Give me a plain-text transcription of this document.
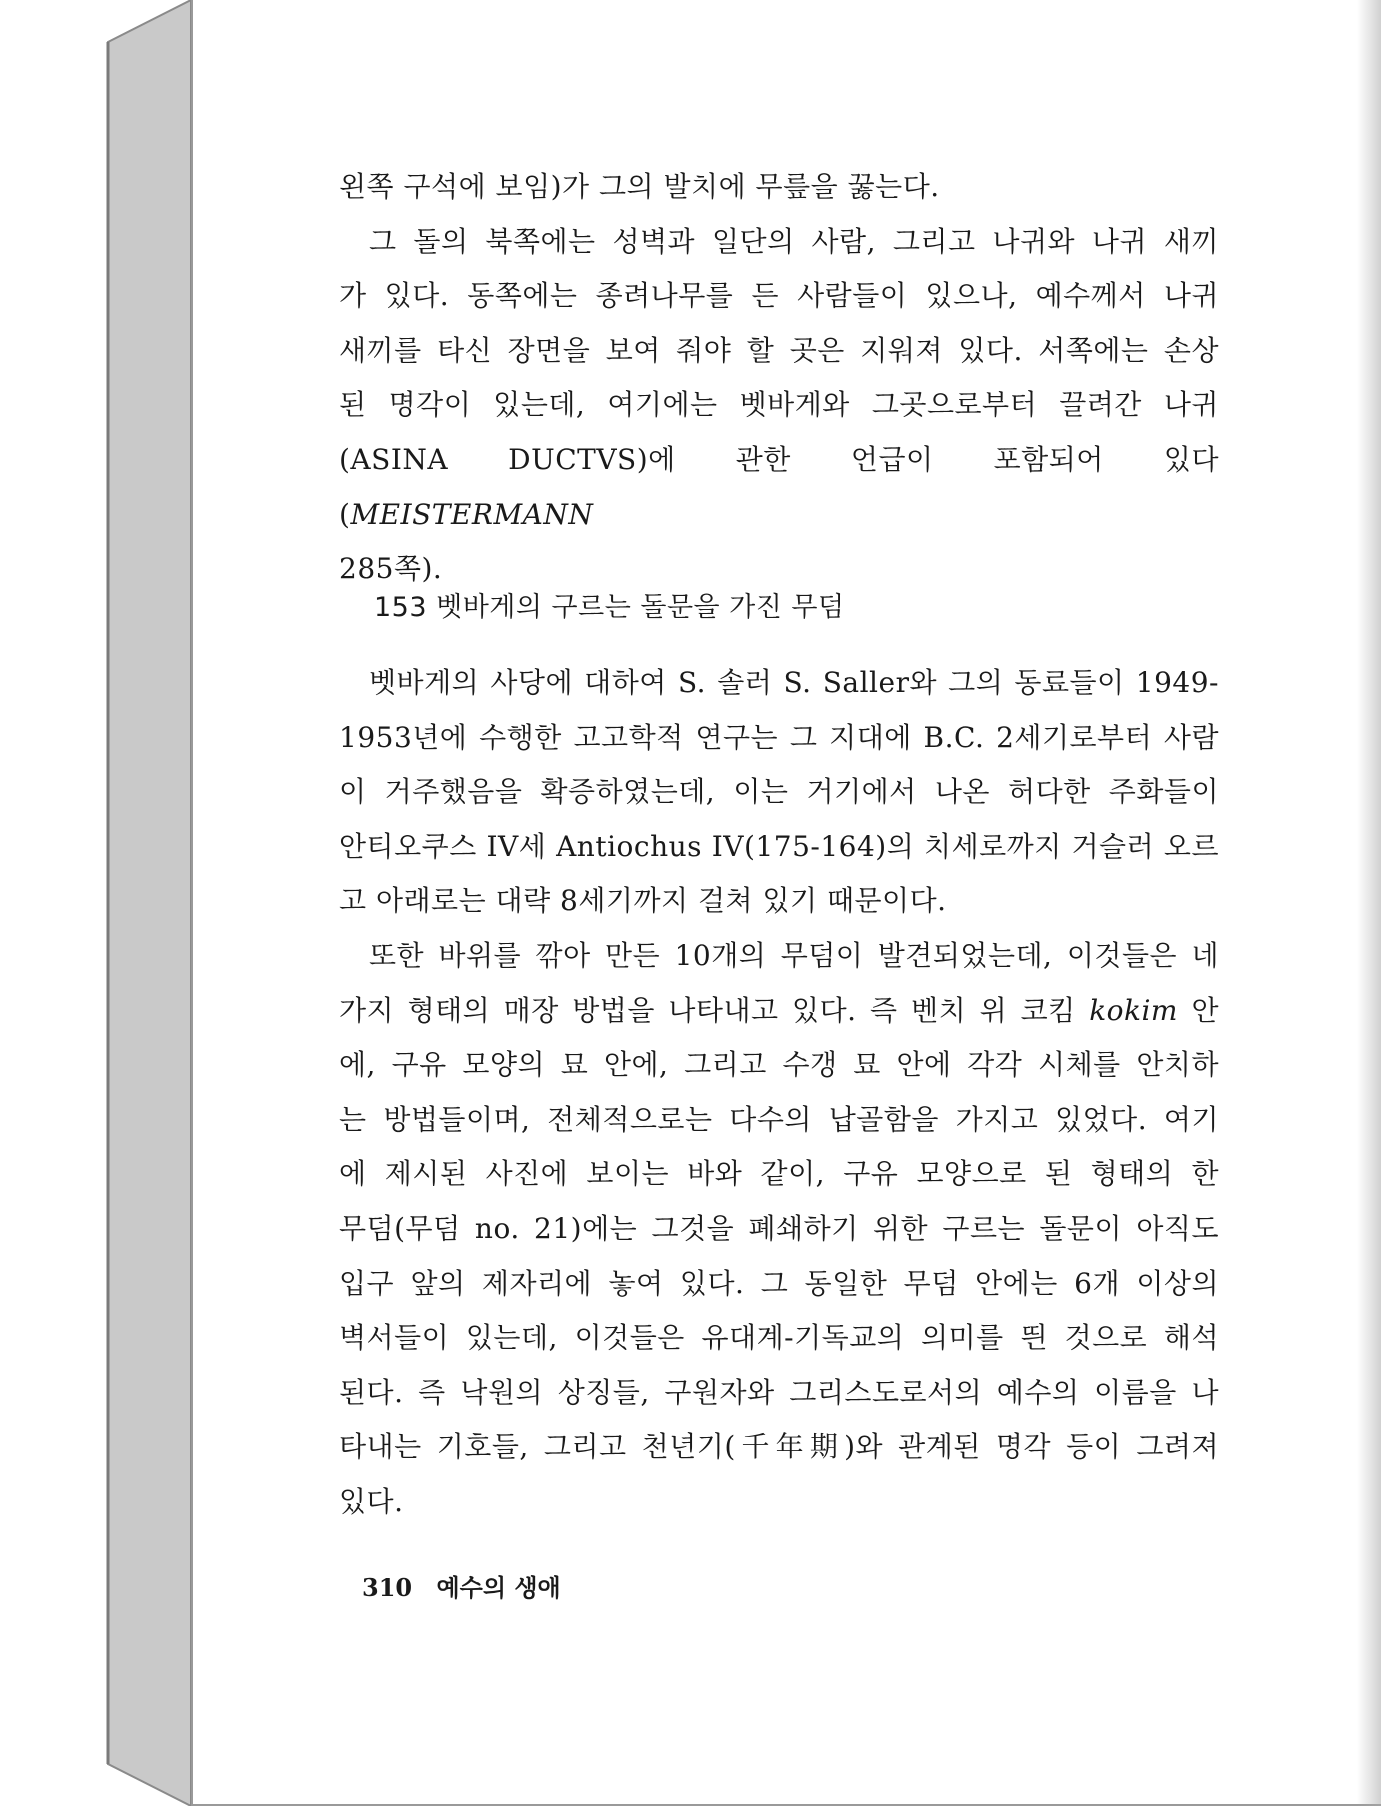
왼쪽 구석에 보임)가 그의 발치에 무릎을 꿇는다.

그 돌의 북쪽에는 성벽과 일단의 사람, 그리고 나귀와 나귀 새끼
가 있다. 동쪽에는 종려나무를 든 사람들이 있으나, 예수께서 나귀
새끼를 타신 장면을 보여 줘야 할 곳은 지워져 있다. 서쪽에는 손상
된 명각이 있는데, 여기에는 벳바게와 그곳으로부터 끌려간 나귀
(ASINA DUCTVS)에 관한 언급이 포함되어 있다(MEISTERMANN
285쪽).

153 벳바게의 구르는 돌문을 가진 무덤

벳바게의 사당에 대하여 S. 솔러 S. Saller와 그의 동료들이 1949-
1953년에 수행한 고고학적 연구는 그 지대에 B.C. 2세기로부터 사람
이 거주했음을 확증하였는데, 이는 거기에서 나온 허다한 주화들이
안티오쿠스 IV세 Antiochus IV(175-164)의 치세로까지 거슬러 오르
고 아래로는 대략 8세기까지 걸쳐 있기 때문이다.

또한 바위를 깎아 만든 10개의 무덤이 발견되었는데, 이것들은 네
가지 형태의 매장 방법을 나타내고 있다. 즉 벤치 위 코킴 kokim 안
에, 구유 모양의 묘 안에, 그리고 수갱 묘 안에 각각 시체를 안치하
는 방법들이며, 전체적으로는 다수의 납골함을 가지고 있었다. 여기
에 제시된 사진에 보이는 바와 같이, 구유 모양으로 된 형태의 한
무덤(무덤 no. 21)에는 그것을 폐쇄하기 위한 구르는 돌문이 아직도
입구 앞의 제자리에 놓여 있다. 그 동일한 무덤 안에는 6개 이상의
벽서들이 있는데, 이것들은 유대계-기독교의 의미를 띈 것으로 해석
된다. 즉 낙원의 상징들, 구원자와 그리스도로서의 예수의 이름을 나
타내는 기호들, 그리고 천년기(千年期)와 관계된 명각 등이 그려져
있다.

310 예수의 생애
